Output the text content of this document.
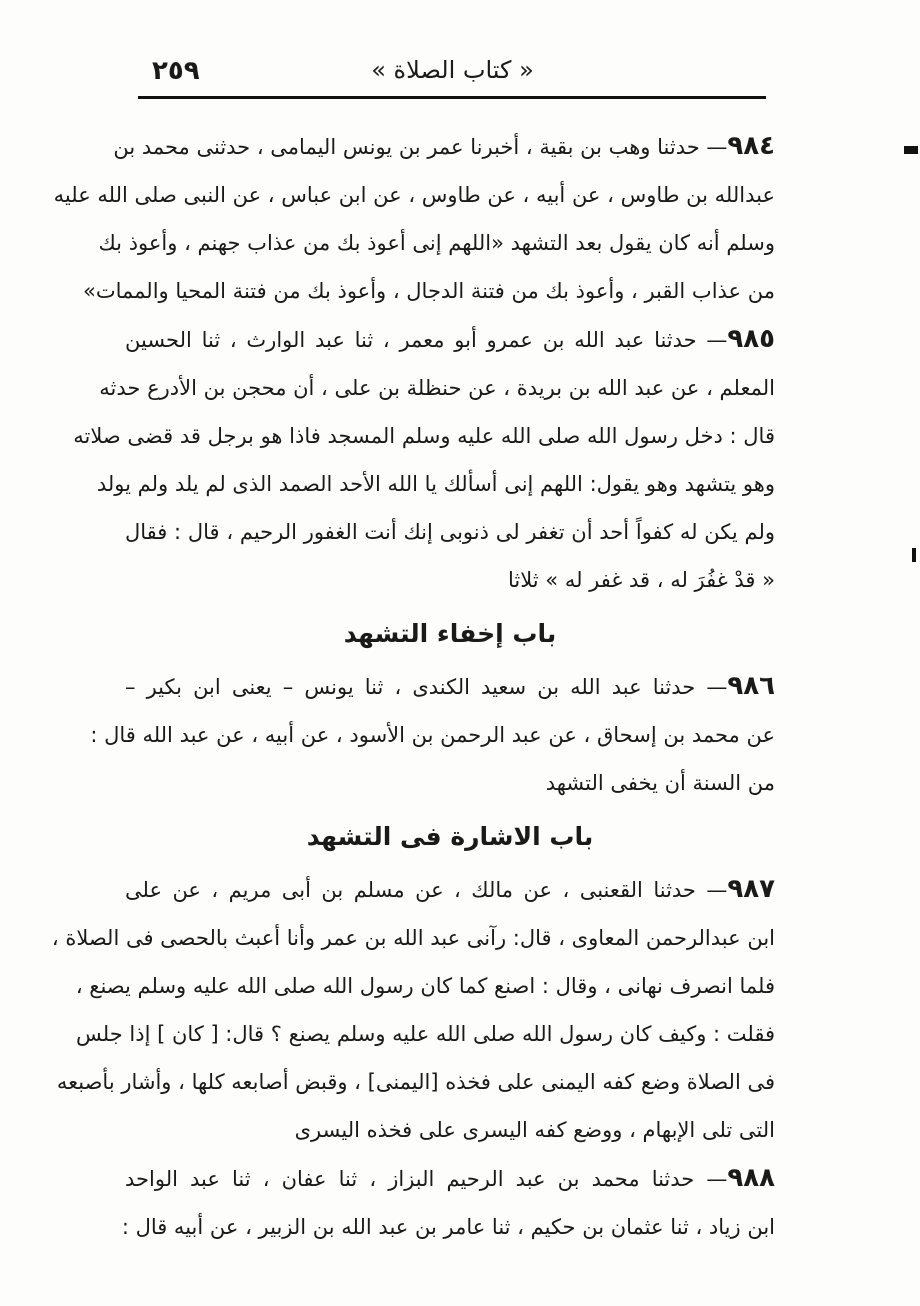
« كتاب الصلاة »
٢٥٩
٩٨٤— حدثنا وهب بن بقية ، أخبرنا عمر بن يونس اليمامى ، حدثنى محمد بن
عبدالله بن طاوس ، عن أبيه ، عن طاوس ، عن ابن عباس ، عن النبى صلى الله عليه
وسلم أنه كان يقول بعد التشهد «اللهم إنى أعوذ بك من عذاب جهنم ، وأعوذ بك
من عذاب القبر ، وأعوذ بك من فتنة الدجال ، وأعوذ بك من فتنة المحيا والممات»
٩٨٥— حدثنا عبد الله بن عمرو أبو معمر ، ثنا عبد الوارث ، ثنا الحسين
المعلم ، عن عبد الله بن بريدة ، عن حنظلة بن على ، أن محجن بن الأدرع حدثه
قال : دخل رسول الله صلى الله عليه وسلم المسجد فاذا هو برجل قد قضى صلاته
وهو يتشهد وهو يقول: اللهم إنى أسألك يا الله الأحد الصمد الذى لم يلد ولم يولد
ولم يكن له كفواً أحد أن تغفر لى ذنوبى إنك أنت الغفور الرحيم ، قال : فقال
« قدْ غفُرَ له ، قد غفر له » ثلاثا
باب إخفاء التشهد
٩٨٦— حدثنا عبد الله بن سعيد الكندى ، ثنا يونس – يعنى ابن بكير –
عن محمد بن إسحاق ، عن عبد الرحمن بن الأسود ، عن أبيه ، عن عبد الله قال :
من السنة أن يخفى التشهد
باب الاشارة فى التشهد
٩٨٧— حدثنا القعنبى ، عن مالك ، عن مسلم بن أبى مريم ، عن على
ابن عبدالرحمن المعاوى ، قال: رآنى عبد الله بن عمر وأنا أعبث بالحصى فى الصلاة ،
فلما انصرف نهانى ، وقال : اصنع كما كان رسول الله صلى الله عليه وسلم يصنع ،
فقلت : وكيف كان رسول الله صلى الله عليه وسلم يصنع ؟ قال: [ كان ] إذا جلس
فى الصلاة وضع كفه اليمنى على فخذه [اليمنى] ، وقبض أصابعه كلها ، وأشار بأصبعه
التى تلى الإبهام ، ووضع كفه اليسرى على فخذه اليسرى
٩٨٨— حدثنا محمد بن عبد الرحيم البزاز ، ثنا عفان ، ثنا عبد الواحد
ابن زياد ، ثنا عثمان بن حكيم ، ثنا عامر بن عبد الله بن الزبير ، عن أبيه قال :
